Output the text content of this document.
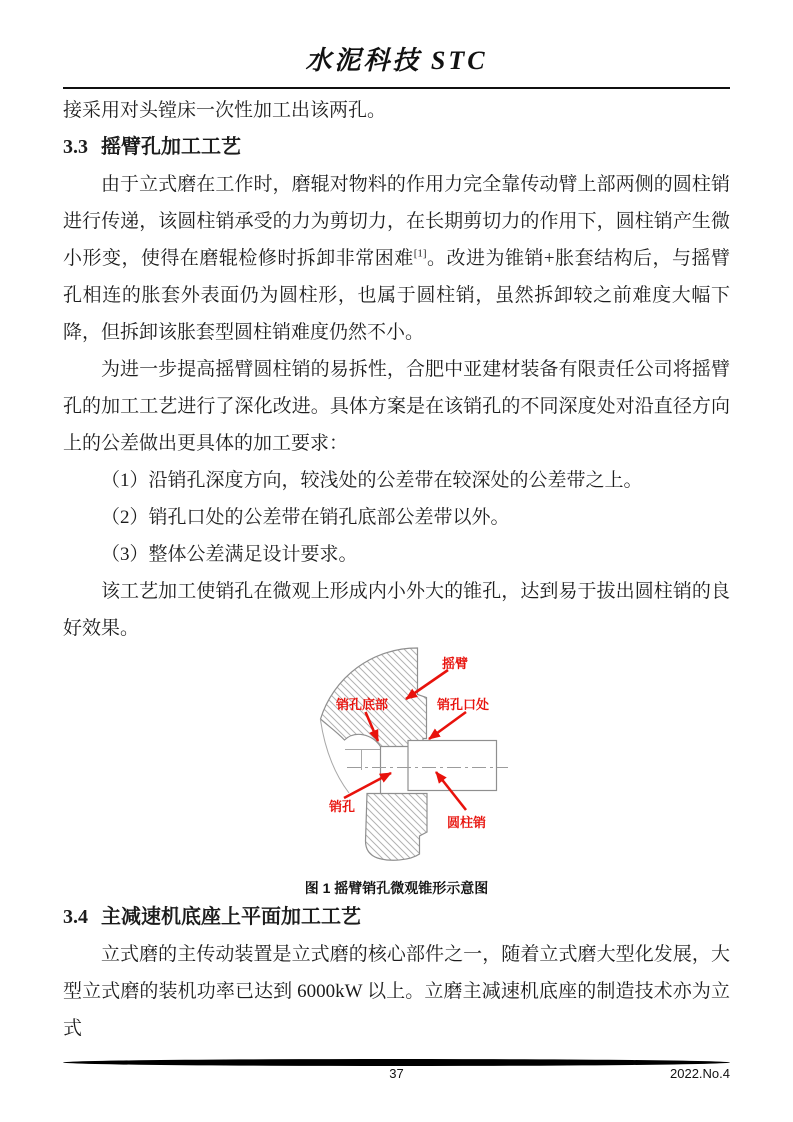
水泥科技 STC

接采用对头镗床一次性加工出该两孔。

3.3 摇臂孔加工工艺

由于立式磨在工作时，磨辊对物料的作用力完全靠传动臂上部两侧的圆柱销进行传递，该圆柱销承受的力为剪切力，在长期剪切力的作用下，圆柱销产生微小形变，使得在磨辊检修时拆卸非常困难[1]。改进为锥销+胀套结构后，与摇臂孔相连的胀套外表面仍为圆柱形，也属于圆柱销，虽然拆卸较之前难度大幅下降，但拆卸该胀套型圆柱销难度仍然不小。

为进一步提高摇臂圆柱销的易拆性，合肥中亚建材装备有限责任公司将摇臂孔的加工工艺进行了深化改进。具体方案是在该销孔的不同深度处对沿直径方向上的公差做出更具体的加工要求：

（1）沿销孔深度方向，较浅处的公差带在较深处的公差带之上。

（2）销孔口处的公差带在销孔底部公差带以外。

（3）整体公差满足设计要求。

该工艺加工使销孔在微观上形成内小外大的锥孔，达到易于拔出圆柱销的良好效果。

摇臂
销孔底部	销孔口处
销孔
圆柱销
图 1 摇臂销孔微观锥形示意图
3.4 主减速机底座上平面加工工艺

立式磨的主传动装置是立式磨的核心部件之一，随着立式磨大型化发展，大型立式磨的装机功率已达到 6000kW 以上。立磨主减速机底座的制造技术亦为立式

37	2022.No.4
